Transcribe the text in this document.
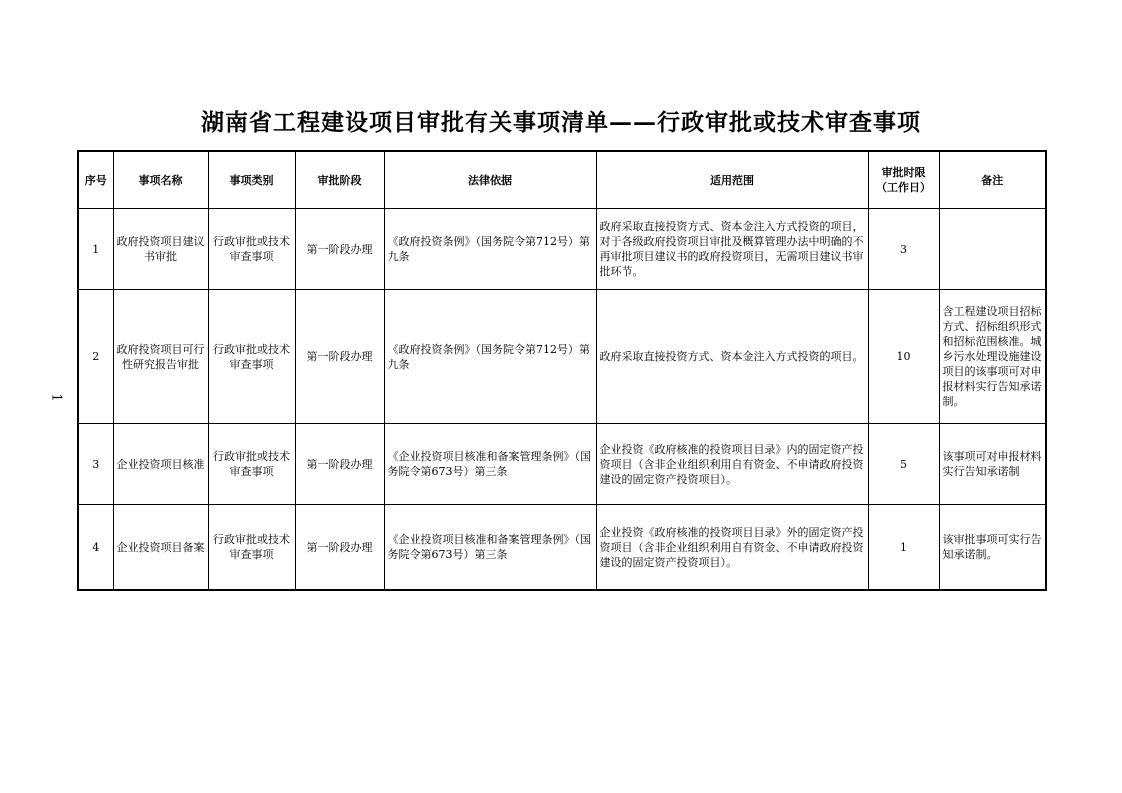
湖南省工程建设项目审批有关事项清单——行政审批或技术审查事项
1
序号	事项名称	事项类别	审批阶段	法律依据	适用范围	审批时限（工作日）	备注
1	政府投资项目建议书审批	行政审批或技术审查事项	第一阶段办理	《政府投资条例》（国务院令第712号）第九条	政府采取直接投资方式、资本金注入方式投资的项目，对于各级政府投资项目审批及概算管理办法中明确的不再审批项目建议书的政府投资项目，无需项目建议书审批环节。	3	
2	政府投资项目可行性研究报告审批	行政审批或技术审查事项	第一阶段办理	《政府投资条例》（国务院令第712号）第九条	政府采取直接投资方式、资本金注入方式投资的项目。	10	含工程建设项目招标方式、招标组织形式和招标范围核准。城乡污水处理设施建设项目的该事项可对申报材料实行告知承诺制。
3	企业投资项目核准	行政审批或技术审查事项	第一阶段办理	《企业投资项目核准和备案管理条例》（国务院令第673号）第三条	企业投资《政府核准的投资项目目录》内的固定资产投资项目（含非企业组织利用自有资金、不申请政府投资建设的固定资产投资项目）。	5	该事项可对申报材料实行告知承诺制
4	企业投资项目备案	行政审批或技术审查事项	第一阶段办理	《企业投资项目核准和备案管理条例》（国务院令第673号）第三条	企业投资《政府核准的投资项目目录》外的固定资产投资项目（含非企业组织利用自有资金、不申请政府投资建设的固定资产投资项目）。	1	该审批事项可实行告知承诺制。
